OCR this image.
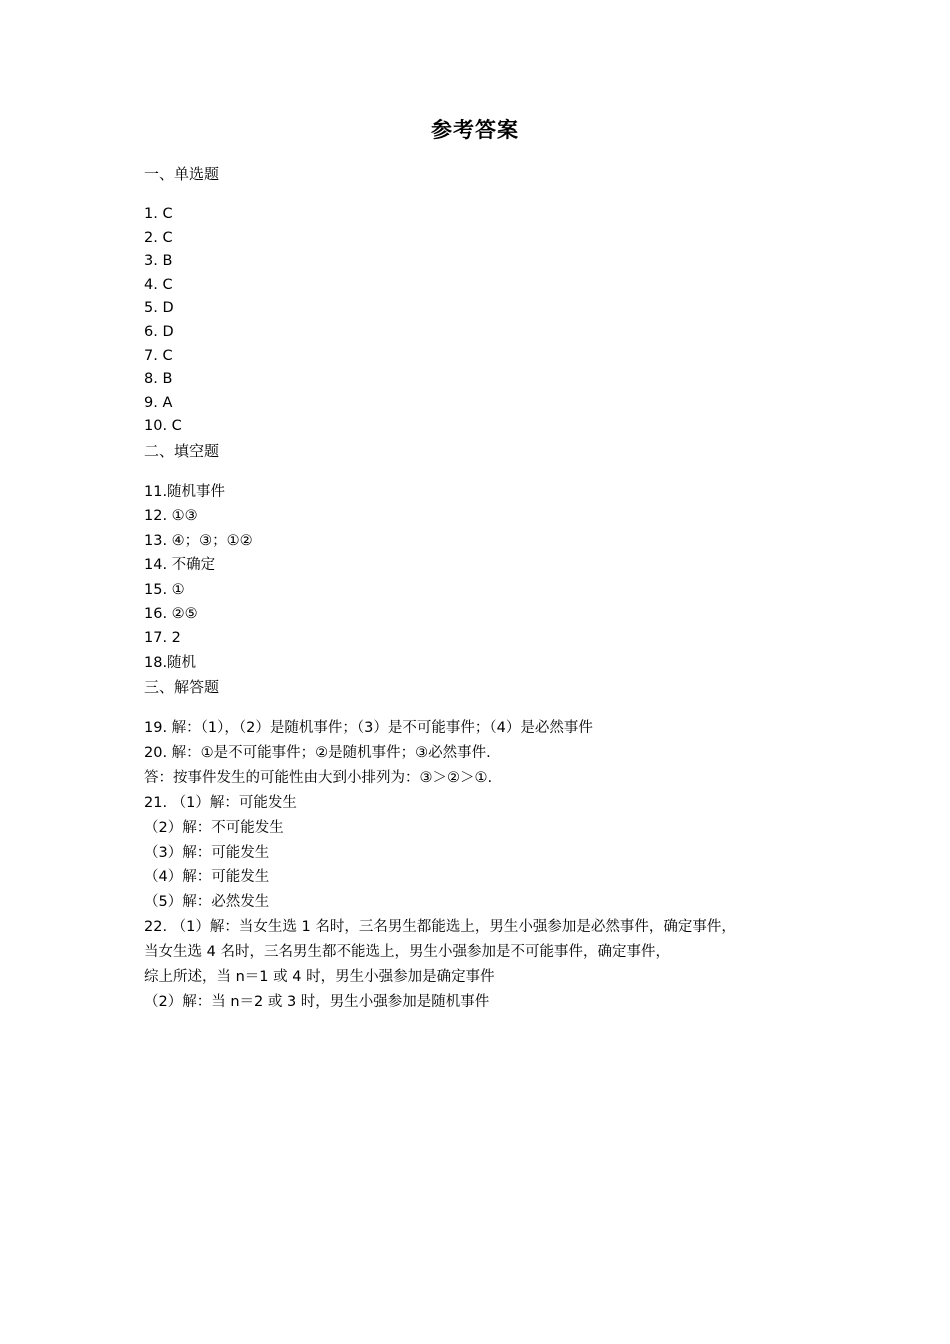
参考答案
一、单选题
1. C
2. C
3. B
4. C
5. D
6. D
7. C
8. B
9. A
10. C
二、填空题
11.随机事件
12. ①③
13. ④；③；①②
14. 不确定
15. ①
16. ②⑤
17. 2
18.随机
三、解答题
19. 解：（1），（2）是随机事件；（3）是不可能事件；（4）是必然事件
20. 解：①是不可能事件；②是随机事件；③必然事件.
答：按事件发生的可能性由大到小排列为：③＞②＞①.
21. （1）解：可能发生
（2）解：不可能发生
（3）解：可能发生
（4）解：可能发生
（5）解：必然发生
22. （1）解：当女生选 1 名时，三名男生都能选上，男生小强参加是必然事件，确定事件，
当女生选 4 名时，三名男生都不能选上，男生小强参加是不可能事件，确定事件，
综上所述，当 n＝1 或 4 时，男生小强参加是确定事件
（2）解：当 n＝2 或 3 时，男生小强参加是随机事件
